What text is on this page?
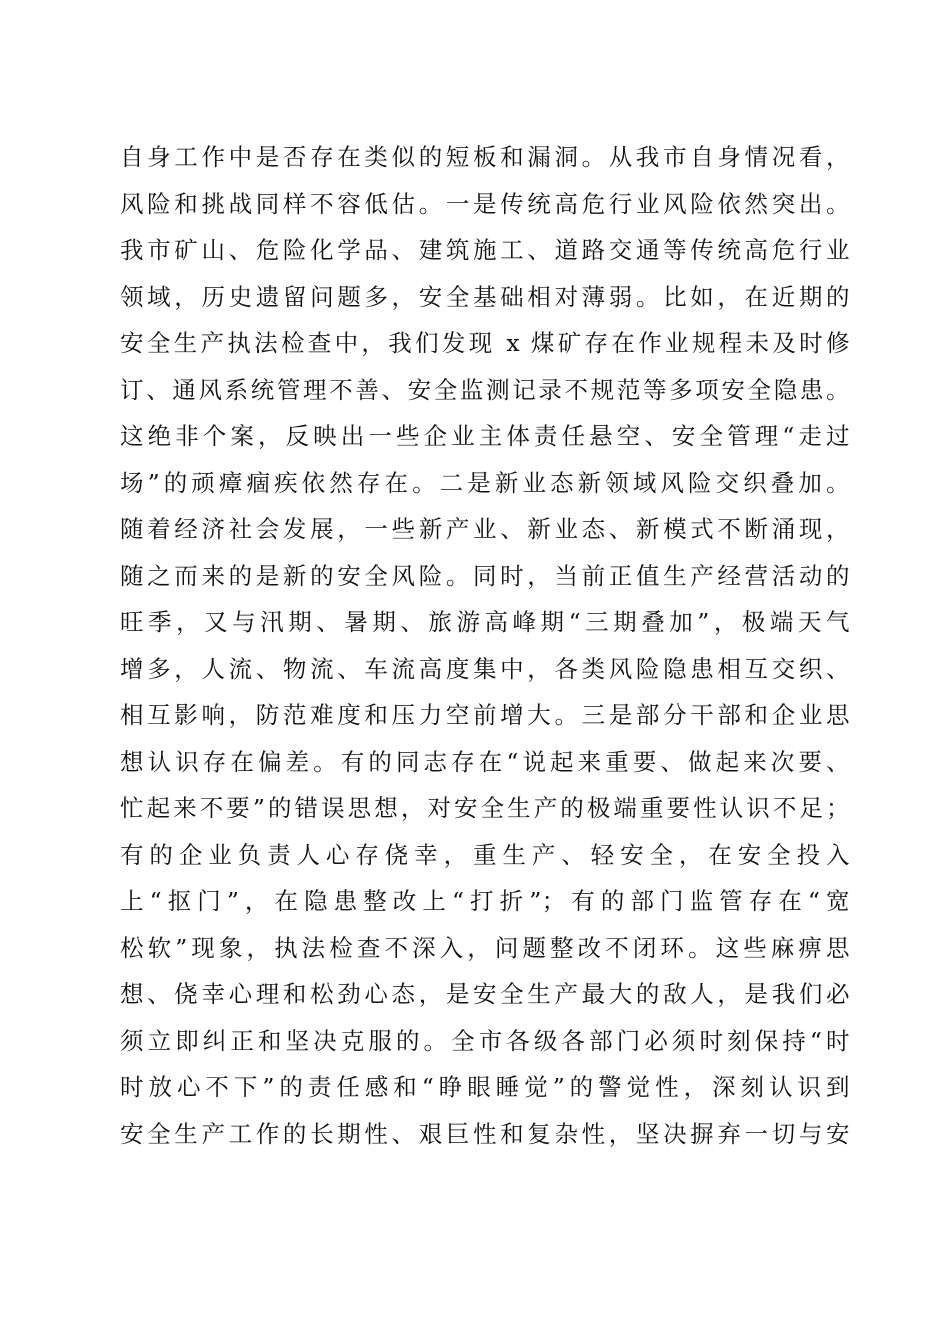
自身工作中是否存在类似的短板和漏洞。从我市自身情况看，
风险和挑战同样不容低估。一是传统高危行业风险依然突出。
我市矿山、危险化学品、建筑施工、道路交通等传统高危行业
领域，历史遗留问题多，安全基础相对薄弱。比如，在近期的
安全生产执法检查中，我们发现 x 煤矿存在作业规程未及时修
订、通风系统管理不善、安全监测记录不规范等多项安全隐患。
这绝非个案，反映出一些企业主体责任悬空、安全管理“走过
场”的顽瘴痼疾依然存在。二是新业态新领域风险交织叠加。
随着经济社会发展，一些新产业、新业态、新模式不断涌现，
随之而来的是新的安全风险。同时，当前正值生产经营活动的
旺季，又与汛期、暑期、旅游高峰期“三期叠加”，极端天气
增多，人流、物流、车流高度集中，各类风险隐患相互交织、
相互影响，防范难度和压力空前增大。三是部分干部和企业思
想认识存在偏差。有的同志存在“说起来重要、做起来次要、
忙起来不要”的错误思想，对安全生产的极端重要性认识不足；
有的企业负责人心存侥幸，重生产、轻安全，在安全投入
上“抠门”，在隐患整改上“打折”；有的部门监管存在“宽
松软”现象，执法检查不深入，问题整改不闭环。这些麻痹思
想、侥幸心理和松劲心态，是安全生产最大的敌人，是我们必
须立即纠正和坚决克服的。全市各级各部门必须时刻保持“时
时放心不下”的责任感和“睁眼睡觉”的警觉性，深刻认识到
安全生产工作的长期性、艰巨性和复杂性，坚决摒弃一切与安
